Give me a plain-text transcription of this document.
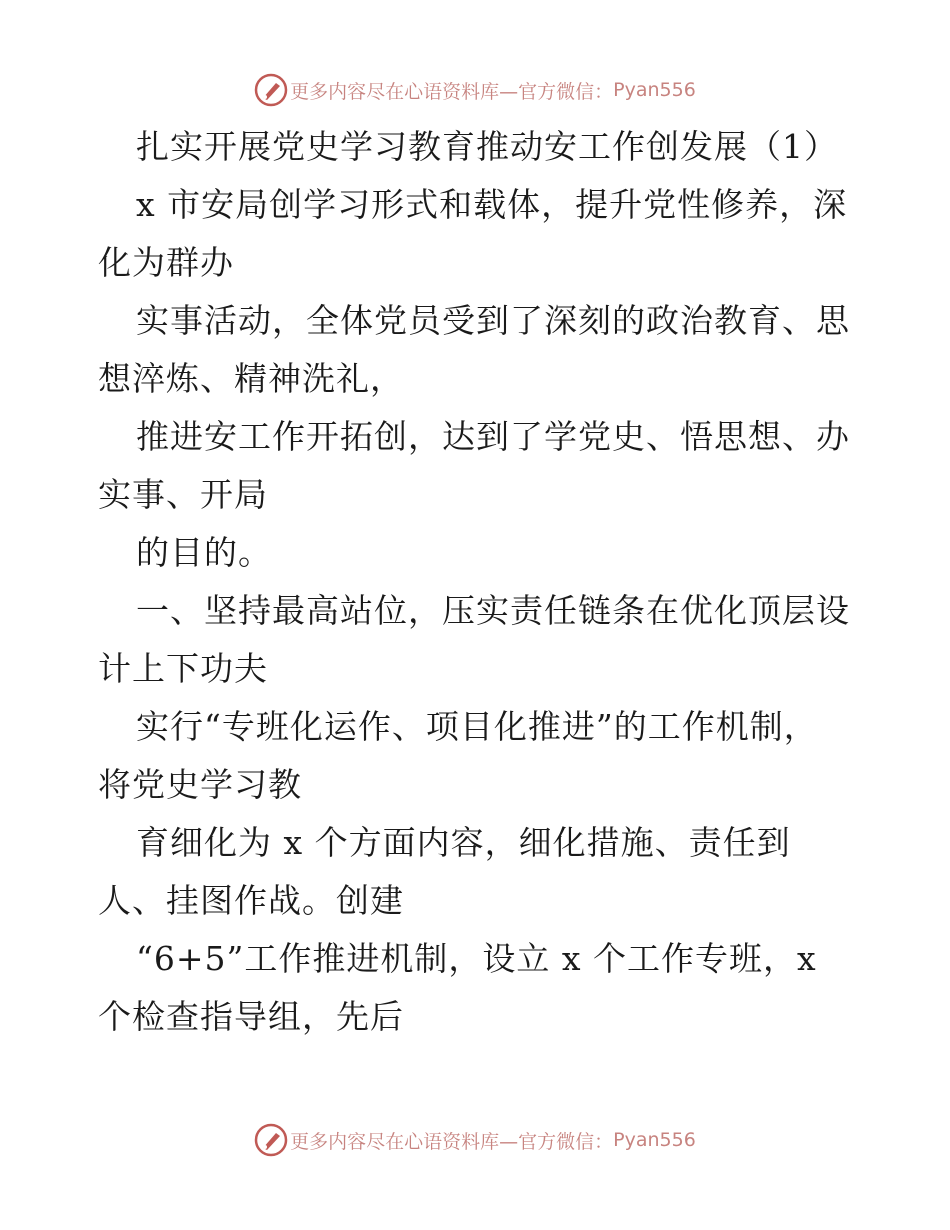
更多内容尽在心语资料库—官方微信： Pyan556

扎实开展党史学习教育推动安工作创发展（1）

x 市安局创学习形式和载体，提升党性修养，深

化为群办

实事活动，全体党员受到了深刻的政治教育、思

想淬炼、精神洗礼，

推进安工作开拓创，达到了学党史、悟思想、办

实事、开局

的目的。

一、坚持最高站位，压实责任链条在优化顶层设

计上下功夫

实行“专班化运作、项目化推进”的工作机制，

将党史学习教

育细化为 x 个方面内容，细化措施、责任到

人、挂图作战。创建

“6+5”工作推进机制，设立 x 个工作专班，x

个检查指导组，先后

更多内容尽在心语资料库—官方微信： Pyan556
